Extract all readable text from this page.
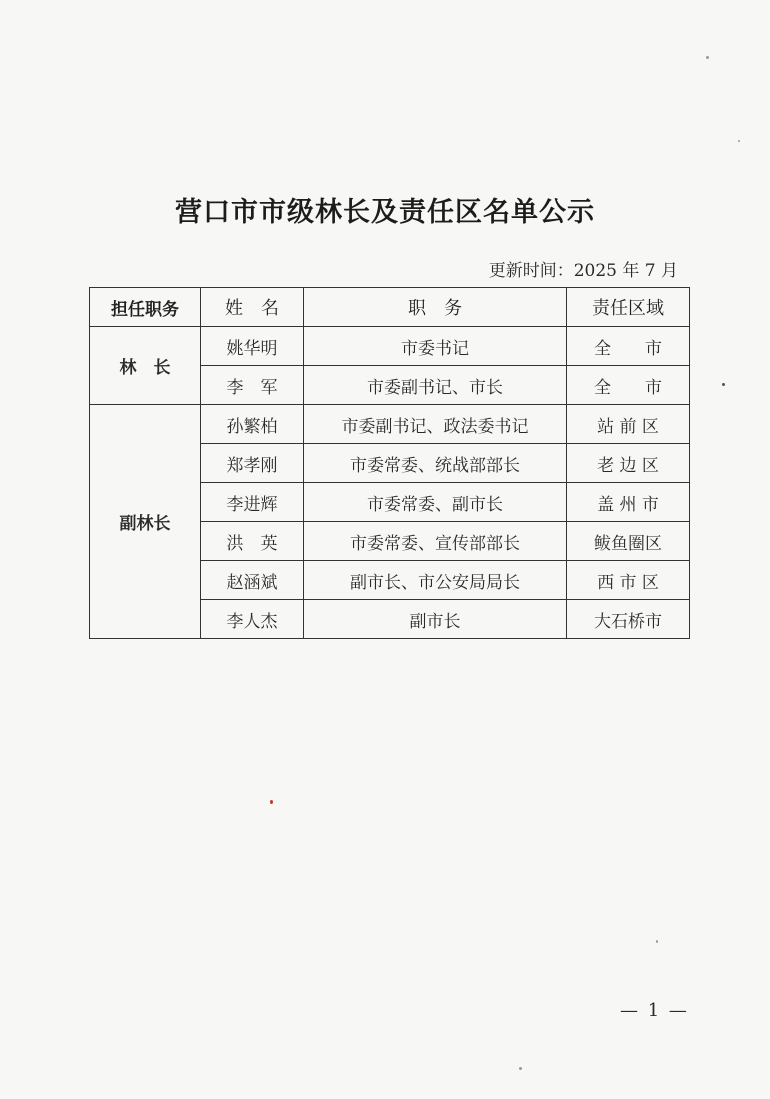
营口市市级林长及责任区名单公示
更新时间：2025 年 7 月
担任职务	姓　名	职　务	责任区域
林　长	姚华明	市委书记	全　　市
	李　军	市委副书记、市长	全　　市
副林长	孙繁柏	市委副书记、政法委书记	站 前 区
	郑孝刚	市委常委、统战部部长	老 边 区
	李进辉	市委常委、副市长	盖 州 市
	洪　英	市委常委、宣传部部长	鲅鱼圈区
	赵涵斌	副市长、市公安局局长	西 市 区
	李人杰	副市长	大石桥市
— 1 —
